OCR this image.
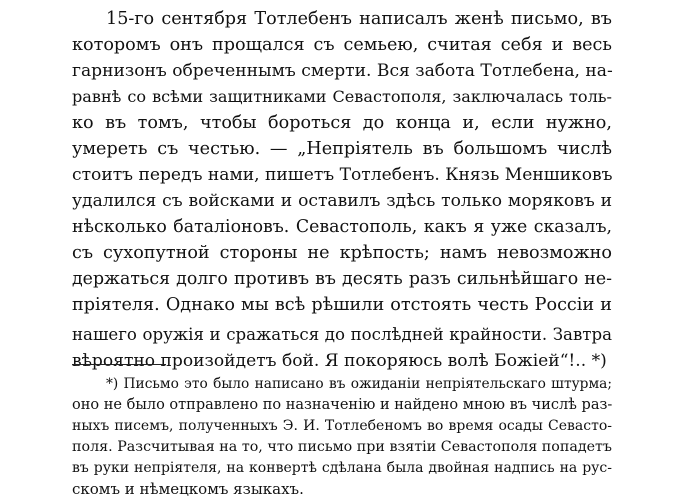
15-го сентября Тотлебенъ написалъ женѣ письмо, въ
которомъ онъ прощался съ семьею, считая себя и весь
гарнизонъ обреченнымъ смерти. Вся забота Тотлебена, на-
равнѣ со всѣми защитниками Севастополя, заключалась толь-
ко въ томъ, чтобы бороться до конца и, если нужно,
умереть съ честью. — „Непріятель въ большомъ числѣ
стоитъ передъ нами, пишетъ Тотлебенъ. Князь Меншиковъ
удалился съ войсками и оставилъ здѣсь только моряковъ и
нѣсколько баталіоновъ. Севастополь, какъ я уже сказалъ,
съ сухопутной стороны не крѣпость; намъ невозможно
держаться долго противъ въ десять разъ сильнѣйшаго не-
пріятеля. Однако мы всѣ рѣшили отстоять честь Россіи и
нашего оружія и сражаться до послѣдней крайности. Завтра
вѣроятно произойдетъ бой. Я покоряюсь волѣ Божіей“!.. *)
*) Письмо это было написано въ ожиданіи непріятельскаго штурма;
оно не было отправлено по назначенію и найдено мною въ числѣ раз-
ныхъ писемъ, полученныхъ Э. И. Тотлебеномъ во время осады Севасто-
поля. Разсчитывая на то, что письмо при взятіи Севастополя попадетъ
въ руки непріятеля, на конвертѣ сдѣлана была двойная надпись на рус-
скомъ и нѣмецкомъ языкахъ.
